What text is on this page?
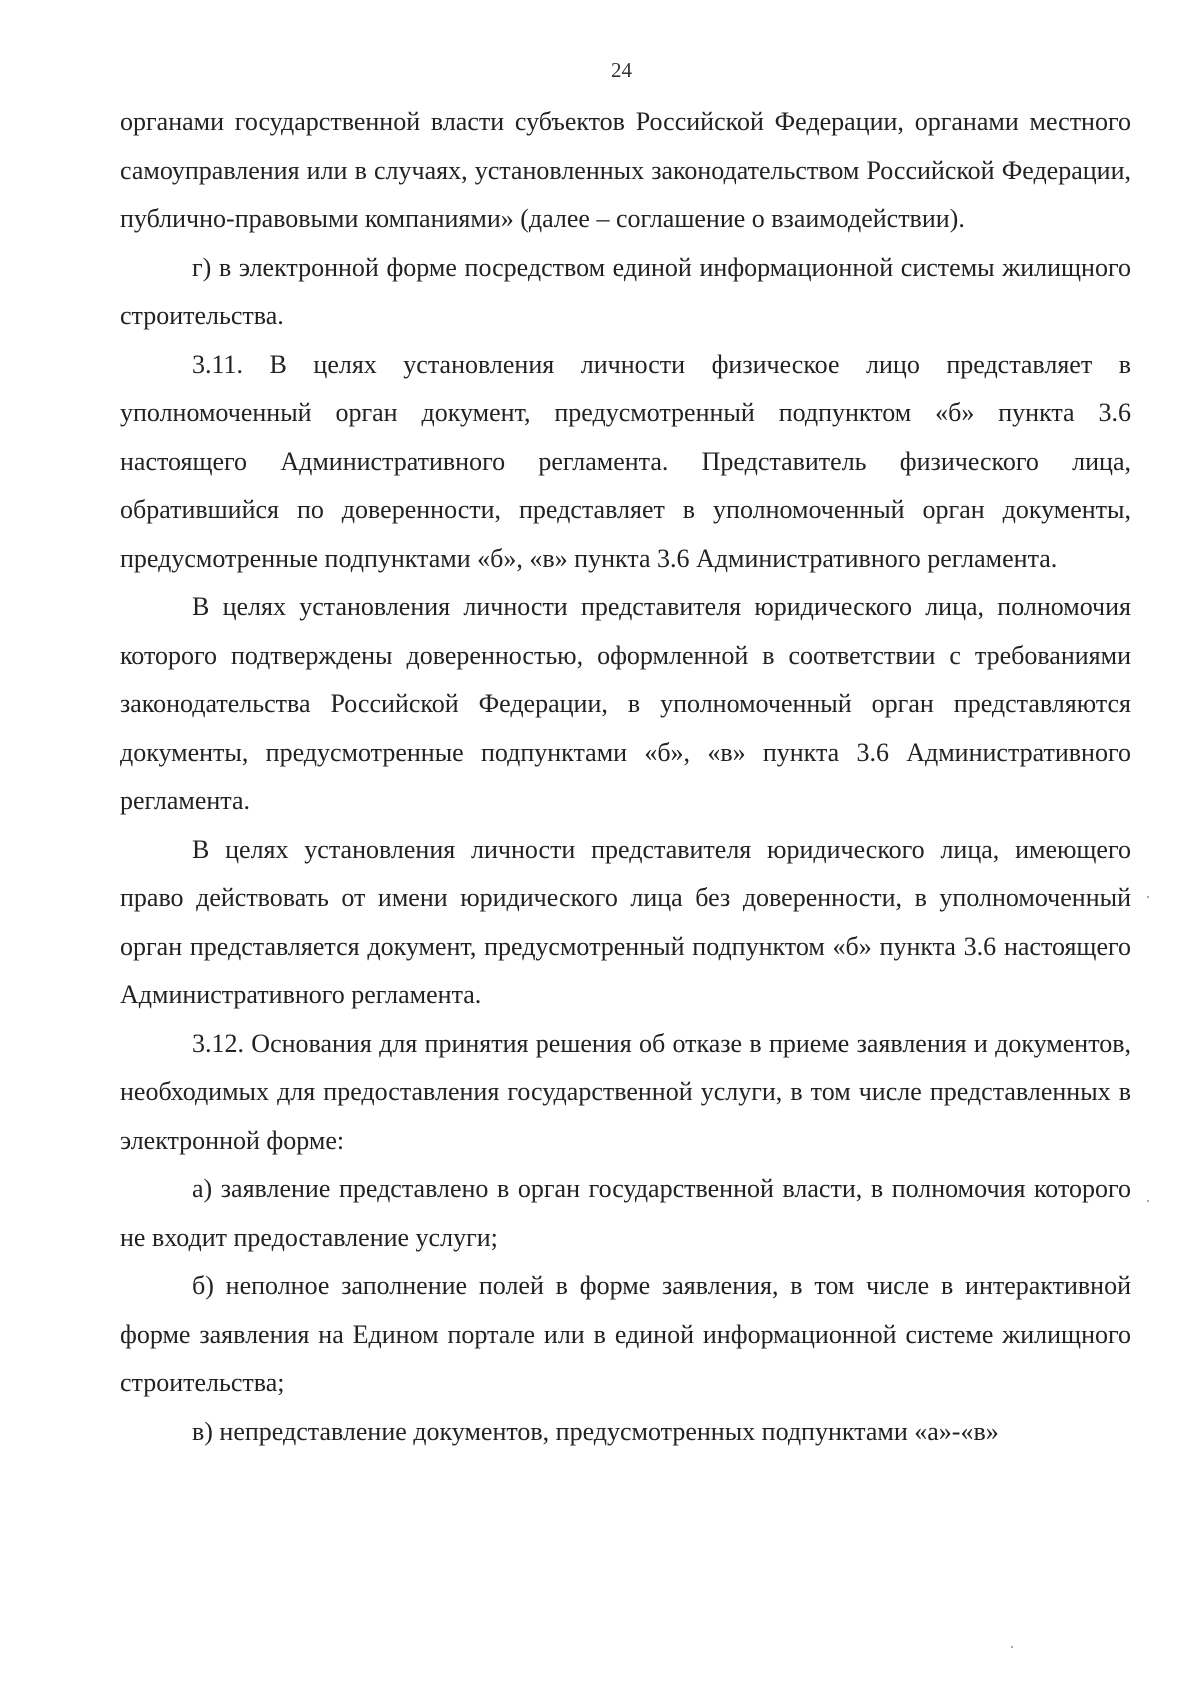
24

органами государственной власти субъектов Российской Федерации, органами местного самоуправления или в случаях, установленных законодательством Российской Федерации, публично-правовыми компаниями» (далее – соглашение о взаимодействии).

г) в электронной форме посредством единой информационной системы жилищного строительства.

3.11. В целях установления личности физическое лицо представляет в уполномоченный орган документ, предусмотренный подпунктом «б» пункта 3.6 настоящего Административного регламента. Представитель физического лица, обратившийся по доверенности, представляет в уполномоченный орган документы, предусмотренные подпунктами «б», «в» пункта 3.6 Административного регламента.

В целях установления личности представителя юридического лица, полномочия которого подтверждены доверенностью, оформленной в соответствии с требованиями законодательства Российской Федерации, в уполномоченный орган представляются документы, предусмотренные подпунктами «б», «в» пункта 3.6 Административного регламента.

В целях установления личности представителя юридического лица, имеющего право действовать от имени юридического лица без доверенности, в уполномоченный орган представляется документ, предусмотренный подпунктом «б» пункта 3.6 настоящего Административного регламента.

3.12. Основания для принятия решения об отказе в приеме заявления и документов, необходимых для предоставления государственной услуги, в том числе представленных в электронной форме:

а) заявление представлено в орган государственной власти, в полномочия которого не входит предоставление услуги;

б) неполное заполнение полей в форме заявления, в том числе в интерактивной форме заявления на Едином портале или в единой информационной системе жилищного строительства;

в) непредставление документов, предусмотренных подпунктами «а»-«в»
